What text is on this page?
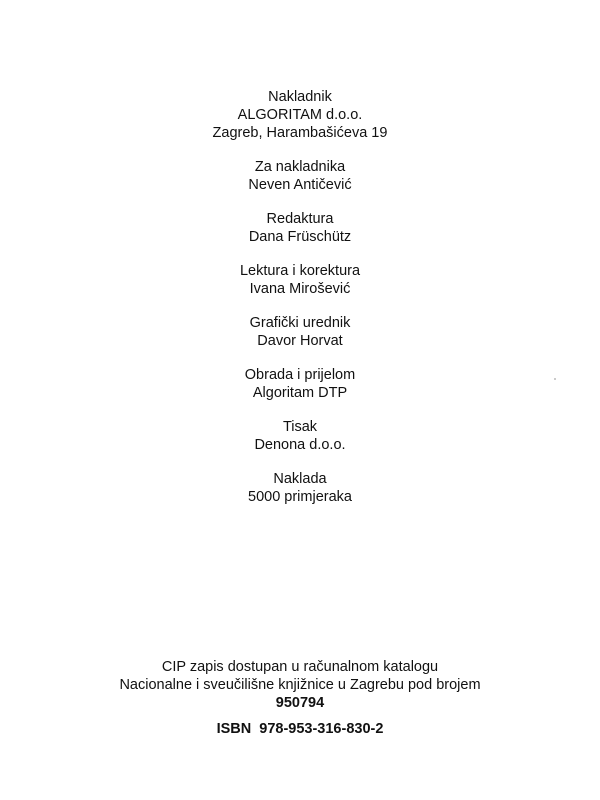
Nakladnik
ALGORITAM d.o.o.
Zagreb, Harambašićeva 19
Za nakladnika
Neven Antičević
Redaktura
Dana Früschütz
Lektura i korektura
Ivana Mirošević
Grafički urednik
Davor Horvat
Obrada i prijelom
Algoritam DTP
Tisak
Denona d.o.o.
Naklada
5000 primjeraka
CIP zapis dostupan u računalnom katalogu
Nacionalne i sveučilišne knjižnice u Zagrebu pod brojem
950794
ISBN  978-953-316-830-2
